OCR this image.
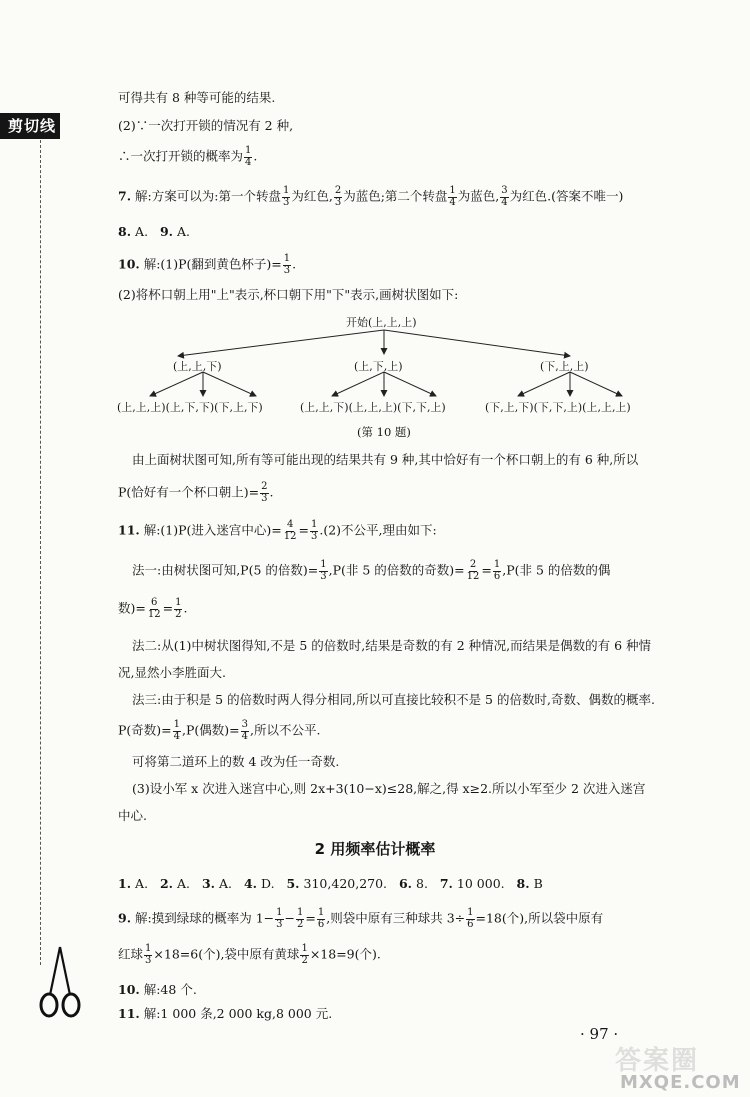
剪切线
可得共有 8 种等可能的结果.
(2)∵一次打开锁的情况有 2 种,
∴一次打开锁的概率为 $\frac{1}{4}$ .
7. 解:方案可以为:第一个转盘 $\frac{1}{3}$ 为红色, $\frac{2}{3}$ 为蓝色;第二个转盘 $\frac{1}{4}$ 为蓝色, $\frac{3}{4}$ 为红色.(答案不唯一)
8. A. 9. A.
10. 解:(1)P(翻到黄色杯子)= $\frac{1}{3}$ .
(2)将杯口朝上用"上"表示,杯口朝下用"下"表示,画树状图如下:
开始(上,上,上)
(上,上,下)	(上,下,上)	(下,上,上)
(上,上,上)(上,下,下)(下,上,下)	(上,上,下)(上,上,上)(下,下,上)	(下,上,下)(下,下,上)(上,上,上)
(第 10 题)
由上面树状图可知,所有等可能出现的结果共有 9 种,其中恰好有一个杯口朝上的有 6 种,所以
P(恰好有一个杯口朝上)= $\frac{2}{3}$ .
11. 解:(1)P(进入迷宫中心)= $\frac{4}{12} = \frac{1}{3} .(2)$不公平,理由如下:
法一:由树状图可知,P(5 的倍数)= $\frac{1}{3} ,P$(非 5 的倍数的奇数)= $\frac{2}{12} = \frac{1}{6} ,P$(非 5 的倍数的偶
数)= $\frac{6}{12} = \frac{1}{2}$ .
法二:从(1)中树状图得知,不是 5 的倍数时,结果是奇数的有 2 种情况,而结果是偶数的有 6 种情
况,显然小李胜面大.
法三:由于积是 5 的倍数时两人得分相同,所以可直接比较积不是 5 的倍数时,奇数、偶数的概率.
P(奇数)= $\frac{1}{4} ,P$(偶数)= $\frac{3}{4}$ ,所以不公平.
可将第二道环上的数 4 改为任一奇数.
(3)设小军 x 次进入迷宫中心,则 2x+3(10−x)≤28,解之,得 x≥2.所以小军至少 2 次进入迷宫
中心.
2 用频率估计概率
1. A. 2. A. 3. A. 4. D. 5. 310,420,270. 6. 8. 7. 10 000. 8. B
9. 解:摸到绿球的概率为 $1- \frac{1}{3} - \frac{1}{2} = \frac{1}{6}$ ,则袋中原有三种球共 $3\div \frac{1}{6} =18$(个),所以袋中原有
红球 $\frac{1}{3} \times 18=6$(个),袋中原有黄球 $\frac{1}{2} \times 18=9$(个).
10. 解:48 个.
11. 解:1 000 条,2 000 kg,8 000 元.
· 97 ·
答案圈
MXQE.COM
